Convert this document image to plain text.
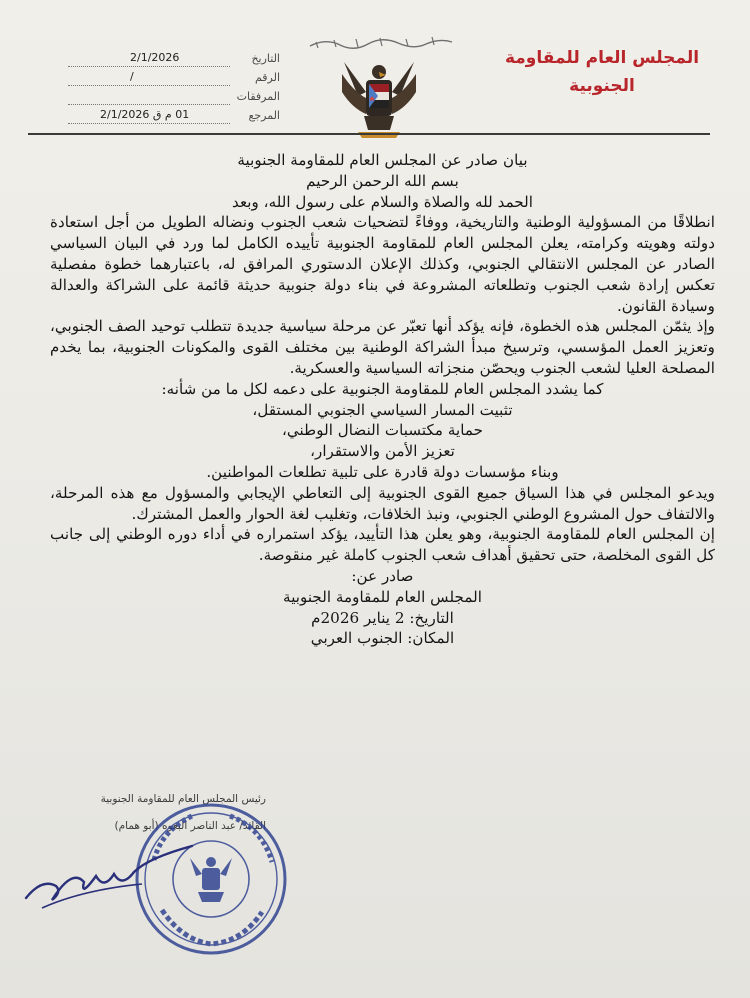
المجلس العام للمقاومة
الجنوبية
التاريخ
2/1/2026
الرقم
/
المرفقات
المرجع
01 م ق 2/1/2026
بيان صادر عن المجلس العام للمقاومة الجنوبية
بسم الله الرحمن الرحيم
الحمد لله والصلاة والسلام على رسول الله، وبعد

انطلاقًا من المسؤولية الوطنية والتاريخية، ووفاءً لتضحيات شعب الجنوب ونضاله الطويل من أجل استعادة دولته وهويته وكرامته، يعلن المجلس العام للمقاومة الجنوبية تأييده الكامل لما ورد في البيان السياسي الصادر عن المجلس الانتقالي الجنوبي، وكذلك الإعلان الدستوري المرافق له، باعتبارهما خطوة مفصلية تعكس إرادة شعب الجنوب وتطلعاته المشروعة في بناء دولة جنوبية حديثة قائمة على الشراكة والعدالة وسيادة القانون.

وإذ يثمّن المجلس هذه الخطوة، فإنه يؤكد أنها تعبّر عن مرحلة سياسية جديدة تتطلب توحيد الصف الجنوبي، وتعزيز العمل المؤسسي، وترسيخ مبدأ الشراكة الوطنية بين مختلف القوى والمكونات الجنوبية، بما يخدم المصلحة العليا لشعب الجنوب ويحصّن منجزاته السياسية والعسكرية.

كما يشدد المجلس العام للمقاومة الجنوبية على دعمه لكل ما من شأنه:
تثبيت المسار السياسي الجنوبي المستقل،
حماية مكتسبات النضال الوطني،
تعزيز الأمن والاستقرار،
وبناء مؤسسات دولة قادرة على تلبية تطلعات المواطنين.

ويدعو المجلس في هذا السياق جميع القوى الجنوبية إلى التعاطي الإيجابي والمسؤول مع هذه المرحلة، والالتفاف حول المشروع الوطني الجنوبي، ونبذ الخلافات، وتغليب لغة الحوار والعمل المشترك.

إن المجلس العام للمقاومة الجنوبية، وهو يعلن هذا التأييد، يؤكد استمراره في أداء دوره الوطني إلى جانب كل القوى المخلصة، حتى تحقيق أهداف شعب الجنوب كاملة غير منقوصة.

صادر عن:
المجلس العام للمقاومة الجنوبية
التاريخ: 2 يناير 2026م
المكان: الجنوب العربي
رئيس المجلس العام للمقاومة الجنوبية
القائد/ عبد الناصر البعوه (أبو همام)
